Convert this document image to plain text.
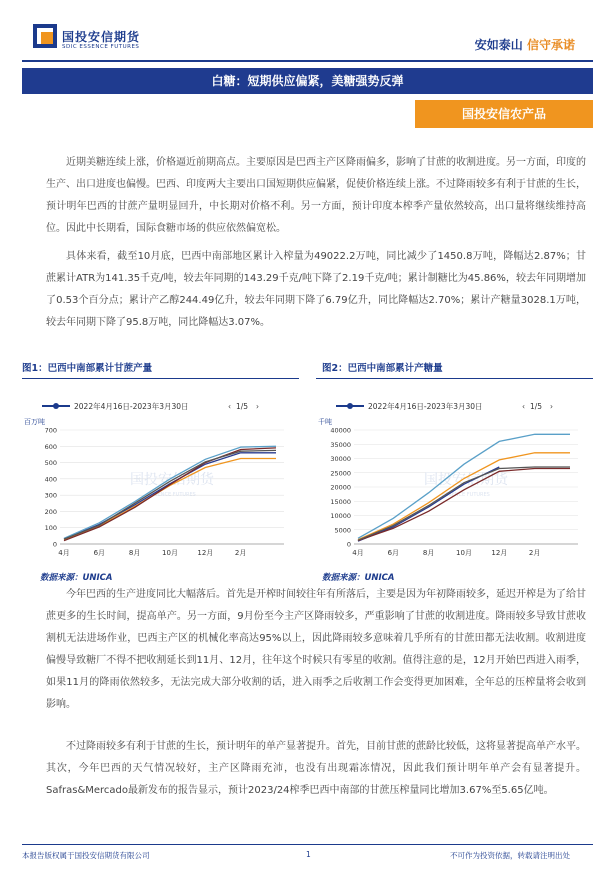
国投安信期货
SDIC ESSENCE FUTURES	安如泰山 信守承诺
白糖：短期供应偏紧，美糖强势反弹
国投安信农产品
近期美糖连续上涨，价格逼近前期高点。主要原因是巴西主产区降雨偏多，影响了甘蔗的收割进度。另一方面，印度的生产、出口进度也偏慢。巴西、印度两大主要出口国短期供应偏紧，促使价格连续上涨。不过降雨较多有利于甘蔗的生长，预计明年巴西的甘蔗产量明显回升，中长期对价格不利。另一方面，预计印度本榨季产量依然较高，出口量将继续维持高位。因此中长期看，国际食糖市场的供应依然偏宽松。
具体来看，截至10月底，巴西中南部地区累计入榨量为49022.2万吨，同比减少了1450.8万吨，降幅达2.87%；甘蔗累计ATR为141.35千克/吨，较去年同期的143.29千克/吨下降了2.19千克/吨；累计制糖比为45.86%，较去年同期增加了0.53个百分点；累计产乙醇244.49亿升，较去年同期下降了6.79亿升，同比降幅达2.70%；累计产糖量3028.1万吨，较去年同期下降了95.8万吨，同比降幅达3.07%。
图1：巴西中南部累计甘蔗产量
2022年4月16日-2023年3月30日	‹ 1/5 ›
百万吨
0
100
200
300
400
500
600
700
国投安信期货
ESSENCE FUTURES
4月	6月	8月	10月	12月	2月
数据来源：UNICA
图2：巴西中南部累计产糖量
2022年4月16日-2023年3月30日	‹ 1/5 ›
千吨
0
5000
10000
15000
20000
25000
30000
35000
40000
国投安信期货
ESSENCE FUTURES
4月	6月	8月	10月	12月	2月
数据来源：UNICA
今年巴西的生产进度同比大幅落后。首先是开榨时间较往年有所落后，主要是因为年初降雨较多，延迟开榨是为了给甘蔗更多的生长时间，提高单产。另一方面，9月份至今主产区降雨较多，严重影响了甘蔗的收割进度。降雨较多导致甘蔗收割机无法进场作业，巴西主产区的机械化率高达95%以上，因此降雨较多意味着几乎所有的甘蔗田都无法收割。收割进度偏慢导致糖厂不得不把收割延长到11月、12月，往年这个时候只有零星的收割。值得注意的是，12月开始巴西进入雨季，如果11月的降雨依然较多，无法完成大部分收割的话，进入雨季之后收割工作会变得更加困难，全年总的压榨量将会收到影响。
不过降雨较多有利于甘蔗的生长，预计明年的单产显著提升。首先，目前甘蔗的蔗龄比较低，这将显著提高单产水平。其次，今年巴西的天气情况较好，主产区降雨充沛，也没有出现霜冻情况，因此我们预计明年单产会有显著提升。Safras&Mercado最新发布的报告显示，预计2023/24榨季巴西中南部的甘蔗压榨量同比增加3.67%至5.65亿吨。
本报告版权属于国投安信期货有限公司	1	不可作为投资依据，转载请注明出处
